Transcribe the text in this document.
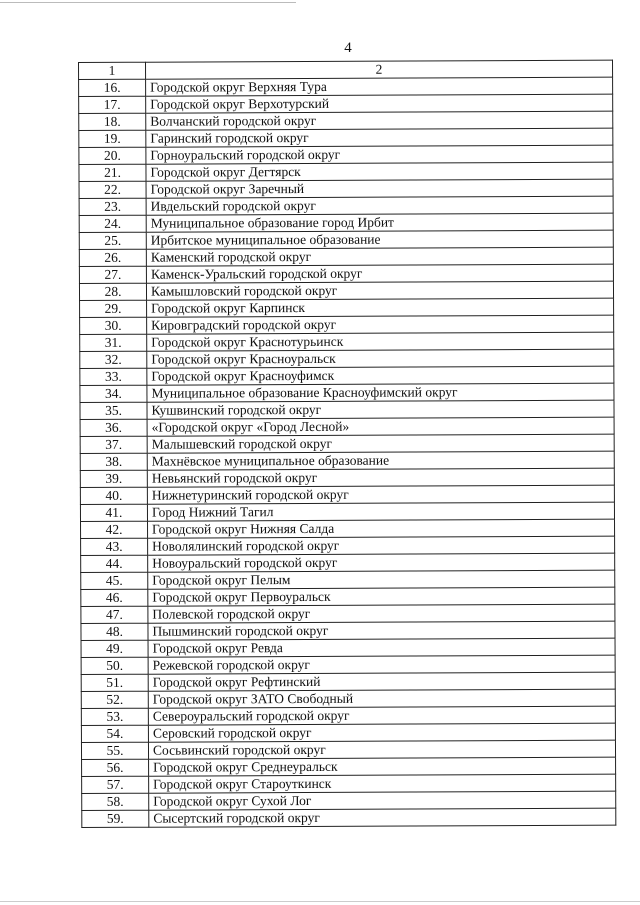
4
1	2
16.	Городской округ Верхняя Тура
17.	Городской округ Верхотурский
18.	Волчанский городской округ
19.	Гаринский городской округ
20.	Горноуральский городской округ
21.	Городской округ Дегтярск
22.	Городской округ Заречный
23.	Ивдельский городской округ
24.	Муниципальное образование город Ирбит
25.	Ирбитское муниципальное образование
26.	Каменский городской округ
27.	Каменск-Уральский городской округ
28.	Камышловский городской округ
29.	Городской округ Карпинск
30.	Кировградский городской округ
31.	Городской округ Краснотурьинск
32.	Городской округ Красноуральск
33.	Городской округ Красноуфимск
34.	Муниципальное образование Красноуфимский округ
35.	Кушвинский городской округ
36.	«Городской округ «Город Лесной»
37.	Малышевский городской округ
38.	Махнёвское муниципальное образование
39.	Невьянский городской округ
40.	Нижнетуринский городской округ
41.	Город Нижний Тагил
42.	Городской округ Нижняя Салда
43.	Новолялинский городской округ
44.	Новоуральский городской округ
45.	Городской округ Пелым
46.	Городской округ Первоуральск
47.	Полевской городской округ
48.	Пышминский городской округ
49.	Городской округ Ревда
50.	Режевской городской округ
51.	Городской округ Рефтинский
52.	Городской округ ЗАТО Свободный
53.	Североуральский городской округ
54.	Серовский городской округ
55.	Сосьвинский городской округ
56.	Городской округ Среднеуральск
57.	Городской округ Староуткинск
58.	Городской округ Сухой Лог
59.	Сысертский городской округ
